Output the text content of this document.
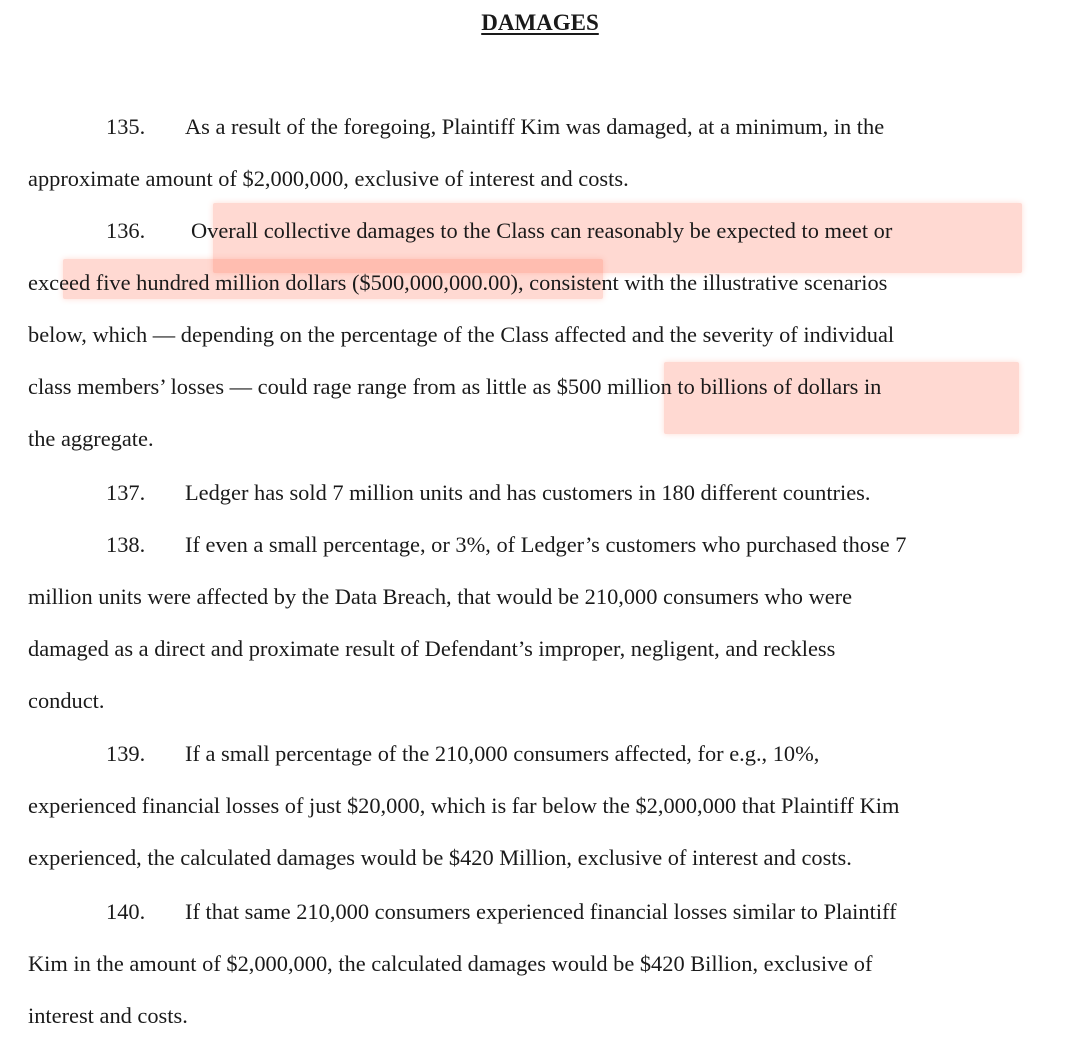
DAMAGES
135. As a result of the foregoing, Plaintiff Kim was damaged, at a minimum, in the
approximate amount of $2,000,000, exclusive of interest and costs.
136. Overall collective damages to the Class can reasonably be expected to meet or
exceed five hundred million dollars ($500,000,000.00), consistent with the illustrative scenarios
below, which — depending on the percentage of the Class affected and the severity of individual
class members’ losses — could rage range from as little as $500 million to billions of dollars in
the aggregate.
137. Ledger has sold 7 million units and has customers in 180 different countries.
138. If even a small percentage, or 3%, of Ledger’s customers who purchased those 7
million units were affected by the Data Breach, that would be 210,000 consumers who were
damaged as a direct and proximate result of Defendant’s improper, negligent, and reckless
conduct.
139. If a small percentage of the 210,000 consumers affected, for e.g., 10%,
experienced financial losses of just $20,000, which is far below the $2,000,000 that Plaintiff Kim
experienced, the calculated damages would be $420 Million, exclusive of interest and costs.
140. If that same 210,000 consumers experienced financial losses similar to Plaintiff
Kim in the amount of $2,000,000, the calculated damages would be $420 Billion, exclusive of
interest and costs.
